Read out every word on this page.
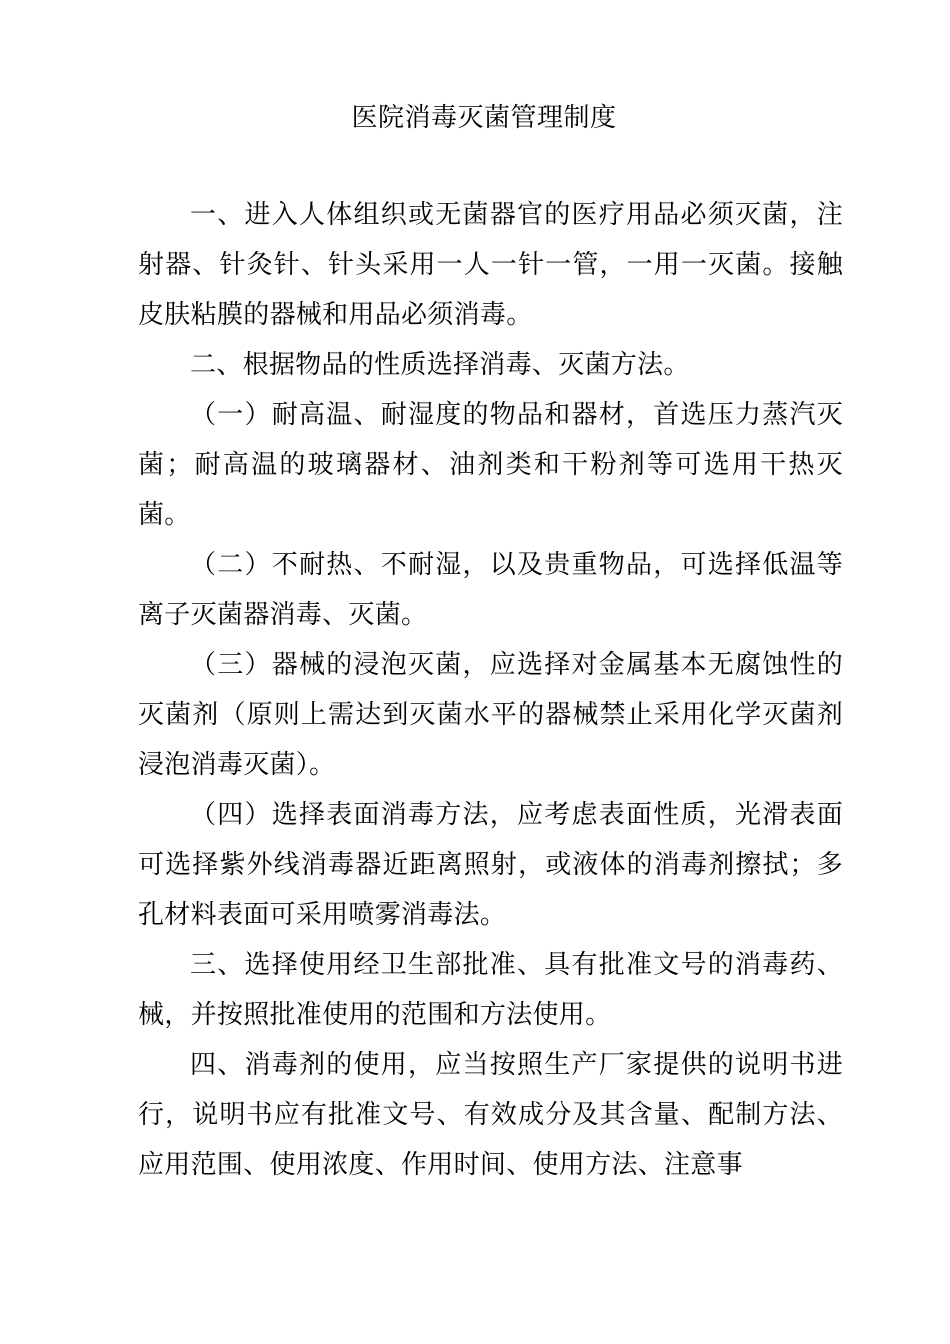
医院消毒灭菌管理制度

一、进入人体组织或无菌器官的医疗用品必须灭菌，注射器、针灸针、针头采用一人一针一管，一用一灭菌。接触皮肤粘膜的器械和用品必须消毒。

二、根据物品的性质选择消毒、灭菌方法。

（一）耐高温、耐湿度的物品和器材，首选压力蒸汽灭菌；耐高温的玻璃器材、油剂类和干粉剂等可选用干热灭菌。

（二）不耐热、不耐湿，以及贵重物品，可选择低温等离子灭菌器消毒、灭菌。

（三）器械的浸泡灭菌，应选择对金属基本无腐蚀性的灭菌剂（原则上需达到灭菌水平的器械禁止采用化学灭菌剂浸泡消毒灭菌）。

（四）选择表面消毒方法，应考虑表面性质，光滑表面可选择紫外线消毒器近距离照射，或液体的消毒剂擦拭；多孔材料表面可采用喷雾消毒法。

三、选择使用经卫生部批准、具有批准文号的消毒药、械，并按照批准使用的范围和方法使用。

四、消毒剂的使用，应当按照生产厂家提供的说明书进行，说明书应有批准文号、有效成分及其含量、配制方法、应用范围、使用浓度、作用时间、使用方法、注意事
